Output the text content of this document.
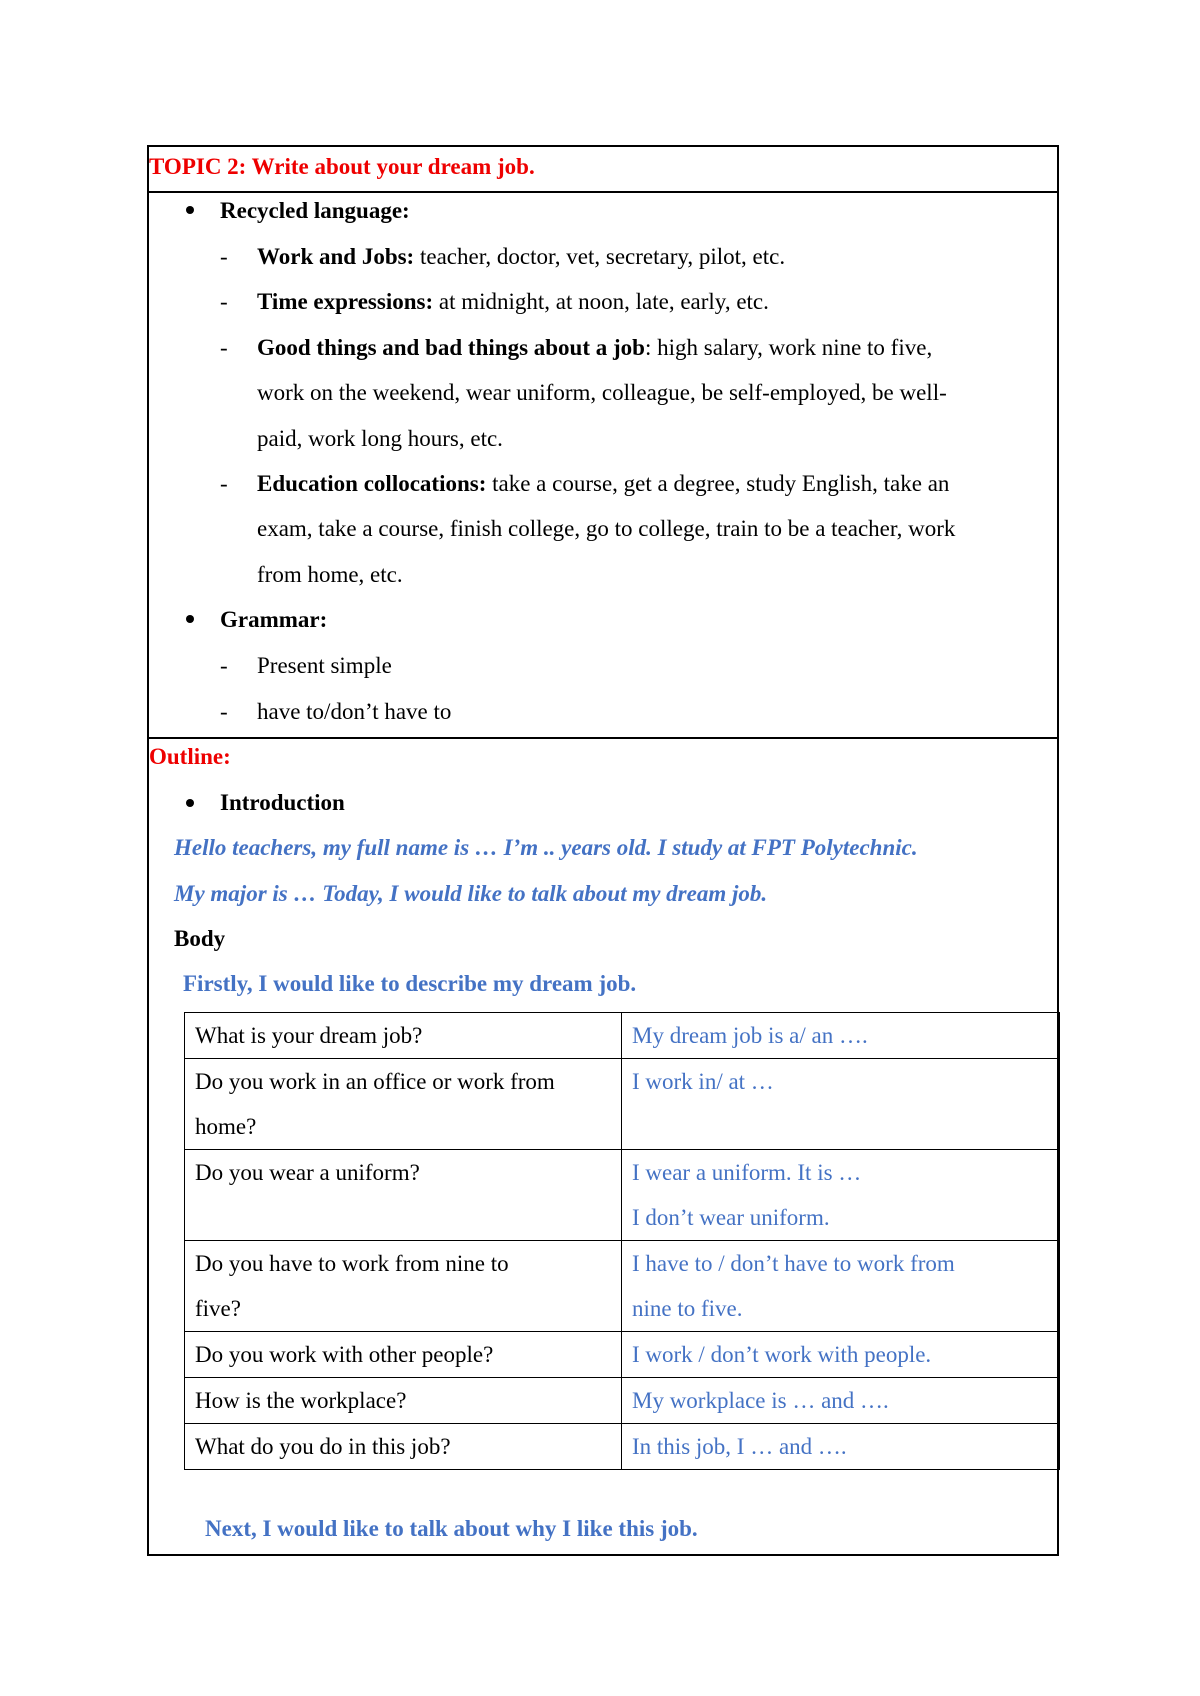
TOPIC 2: Write about your dream job.
Recycled language:
- Work and Jobs: teacher, doctor, vet, secretary, pilot, etc.
- Time expressions: at midnight, at noon, late, early, etc.
- Good things and bad things about a job: high salary, work nine to five,
work on the weekend, wear uniform, colleague, be self-employed, be well-
paid, work long hours, etc.
- Education collocations: take a course, get a degree, study English, take an
exam, take a course, finish college, go to college, train to be a teacher, work
from home, etc.
Grammar:
- Present simple
- have to/don’t have to
Outline:
Introduction
Hello teachers, my full name is … I’m .. years old. I study at FPT Polytechnic.
My major is … Today, I would like to talk about my dream job.
Body
Firstly, I would like to describe my dream job.
What is your dream job?	My dream job is a/ an ….

Do you work in an office or work from
home?	I work in/ at …

Do you wear a uniform?	I wear a uniform. It is …
I don’t wear uniform.

Do you have to work from nine to
five?	I have to / don’t have to work from
nine to five.

Do you work with other people?	I work / don’t work with people.

How is the workplace?	My workplace is … and ….

What do you do in this job?	In this job, I … and ….
Next, I would like to talk about why I like this job.
